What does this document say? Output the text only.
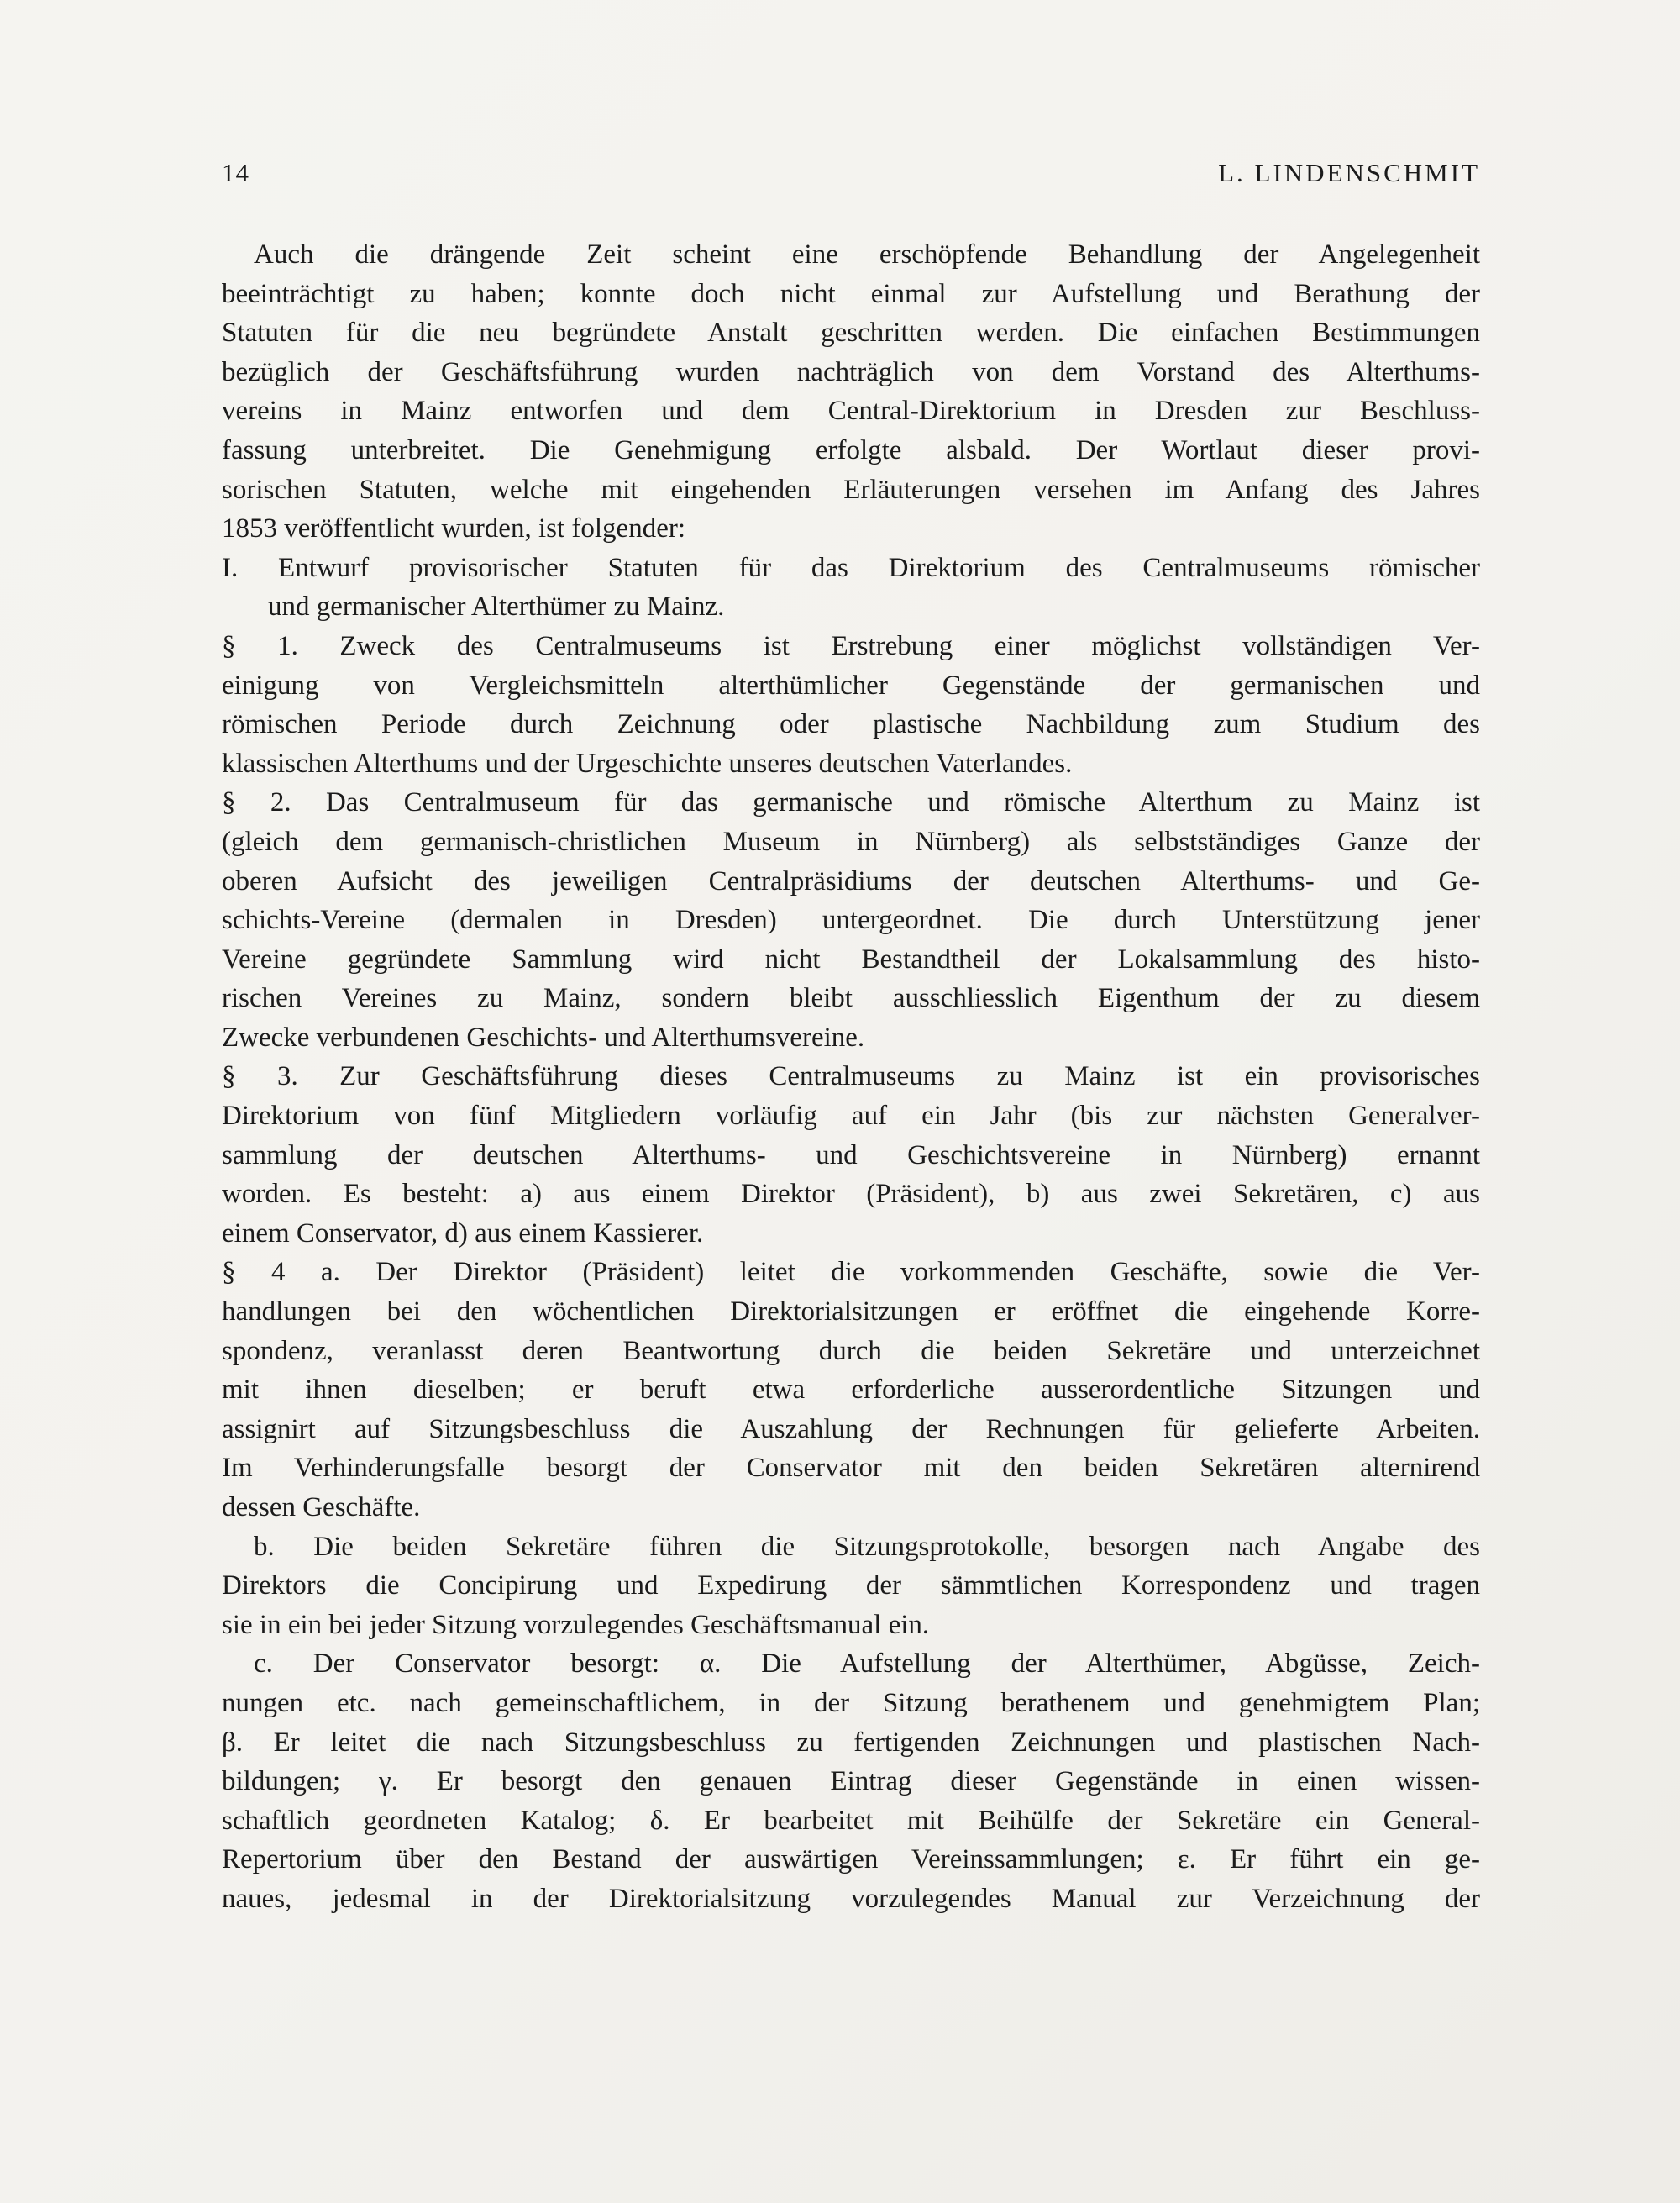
14	L. LINDENSCHMIT
Auch die drängende Zeit scheint eine erschöpfende Behandlung der Angelegenheit
beeinträchtigt zu haben; konnte doch nicht einmal zur Aufstellung und Berathung der
Statuten für die neu begründete Anstalt geschritten werden. Die einfachen Bestimmungen
bezüglich der Geschäftsführung wurden nachträglich von dem Vorstand des Alterthums-
vereins in Mainz entworfen und dem Central-Direktorium in Dresden zur Beschluss-
fassung unterbreitet. Die Genehmigung erfolgte alsbald. Der Wortlaut dieser provi-
sorischen Statuten, welche mit eingehenden Erläuterungen versehen im Anfang des Jahres
1853 veröffentlicht wurden, ist folgender:
I. Entwurf provisorischer Statuten für das Direktorium des Centralmuseums römischer
und germanischer Alterthümer zu Mainz.
§ 1. Zweck des Centralmuseums ist Erstrebung einer möglichst vollständigen Ver-
einigung von Vergleichsmitteln alterthümlicher Gegenstände der germanischen und
römischen Periode durch Zeichnung oder plastische Nachbildung zum Studium des
klassischen Alterthums und der Urgeschichte unseres deutschen Vaterlandes.
§ 2. Das Centralmuseum für das germanische und römische Alterthum zu Mainz ist
(gleich dem germanisch-christlichen Museum in Nürnberg) als selbstständiges Ganze der
oberen Aufsicht des jeweiligen Centralpräsidiums der deutschen Alterthums- und Ge-
schichts-Vereine (dermalen in Dresden) untergeordnet. Die durch Unterstützung jener
Vereine gegründete Sammlung wird nicht Bestandtheil der Lokalsammlung des histo-
rischen Vereines zu Mainz, sondern bleibt ausschliesslich Eigenthum der zu diesem
Zwecke verbundenen Geschichts- und Alterthumsvereine.
§ 3. Zur Geschäftsführung dieses Centralmuseums zu Mainz ist ein provisorisches
Direktorium von fünf Mitgliedern vorläufig auf ein Jahr (bis zur nächsten Generalver-
sammlung der deutschen Alterthums- und Geschichtsvereine in Nürnberg) ernannt
worden. Es besteht: a) aus einem Direktor (Präsident), b) aus zwei Sekretären, c) aus
einem Conservator, d) aus einem Kassierer.
§ 4 a. Der Direktor (Präsident) leitet die vorkommenden Geschäfte, sowie die Ver-
handlungen bei den wöchentlichen Direktorialsitzungen er eröffnet die eingehende Korre-
spondenz, veranlasst deren Beantwortung durch die beiden Sekretäre und unterzeichnet
mit ihnen dieselben; er beruft etwa erforderliche ausserordentliche Sitzungen und
assignirt auf Sitzungsbeschluss die Auszahlung der Rechnungen für gelieferte Arbeiten.
Im Verhinderungsfalle besorgt der Conservator mit den beiden Sekretären alternirend
dessen Geschäfte.
b. Die beiden Sekretäre führen die Sitzungsprotokolle, besorgen nach Angabe des
Direktors die Concipirung und Expedirung der sämmtlichen Korrespondenz und tragen
sie in ein bei jeder Sitzung vorzulegendes Geschäftsmanual ein.
c. Der Conservator besorgt: α. Die Aufstellung der Alterthümer, Abgüsse, Zeich-
nungen etc. nach gemeinschaftlichem, in der Sitzung berathenem und genehmigtem Plan;
β. Er leitet die nach Sitzungsbeschluss zu fertigenden Zeichnungen und plastischen Nach-
bildungen; γ. Er besorgt den genauen Eintrag dieser Gegenstände in einen wissen-
schaftlich geordneten Katalog; δ. Er bearbeitet mit Beihülfe der Sekretäre ein General-
Repertorium über den Bestand der auswärtigen Vereinssammlungen; ε. Er führt ein ge-
naues, jedesmal in der Direktorialsitzung vorzulegendes Manual zur Verzeichnung der
